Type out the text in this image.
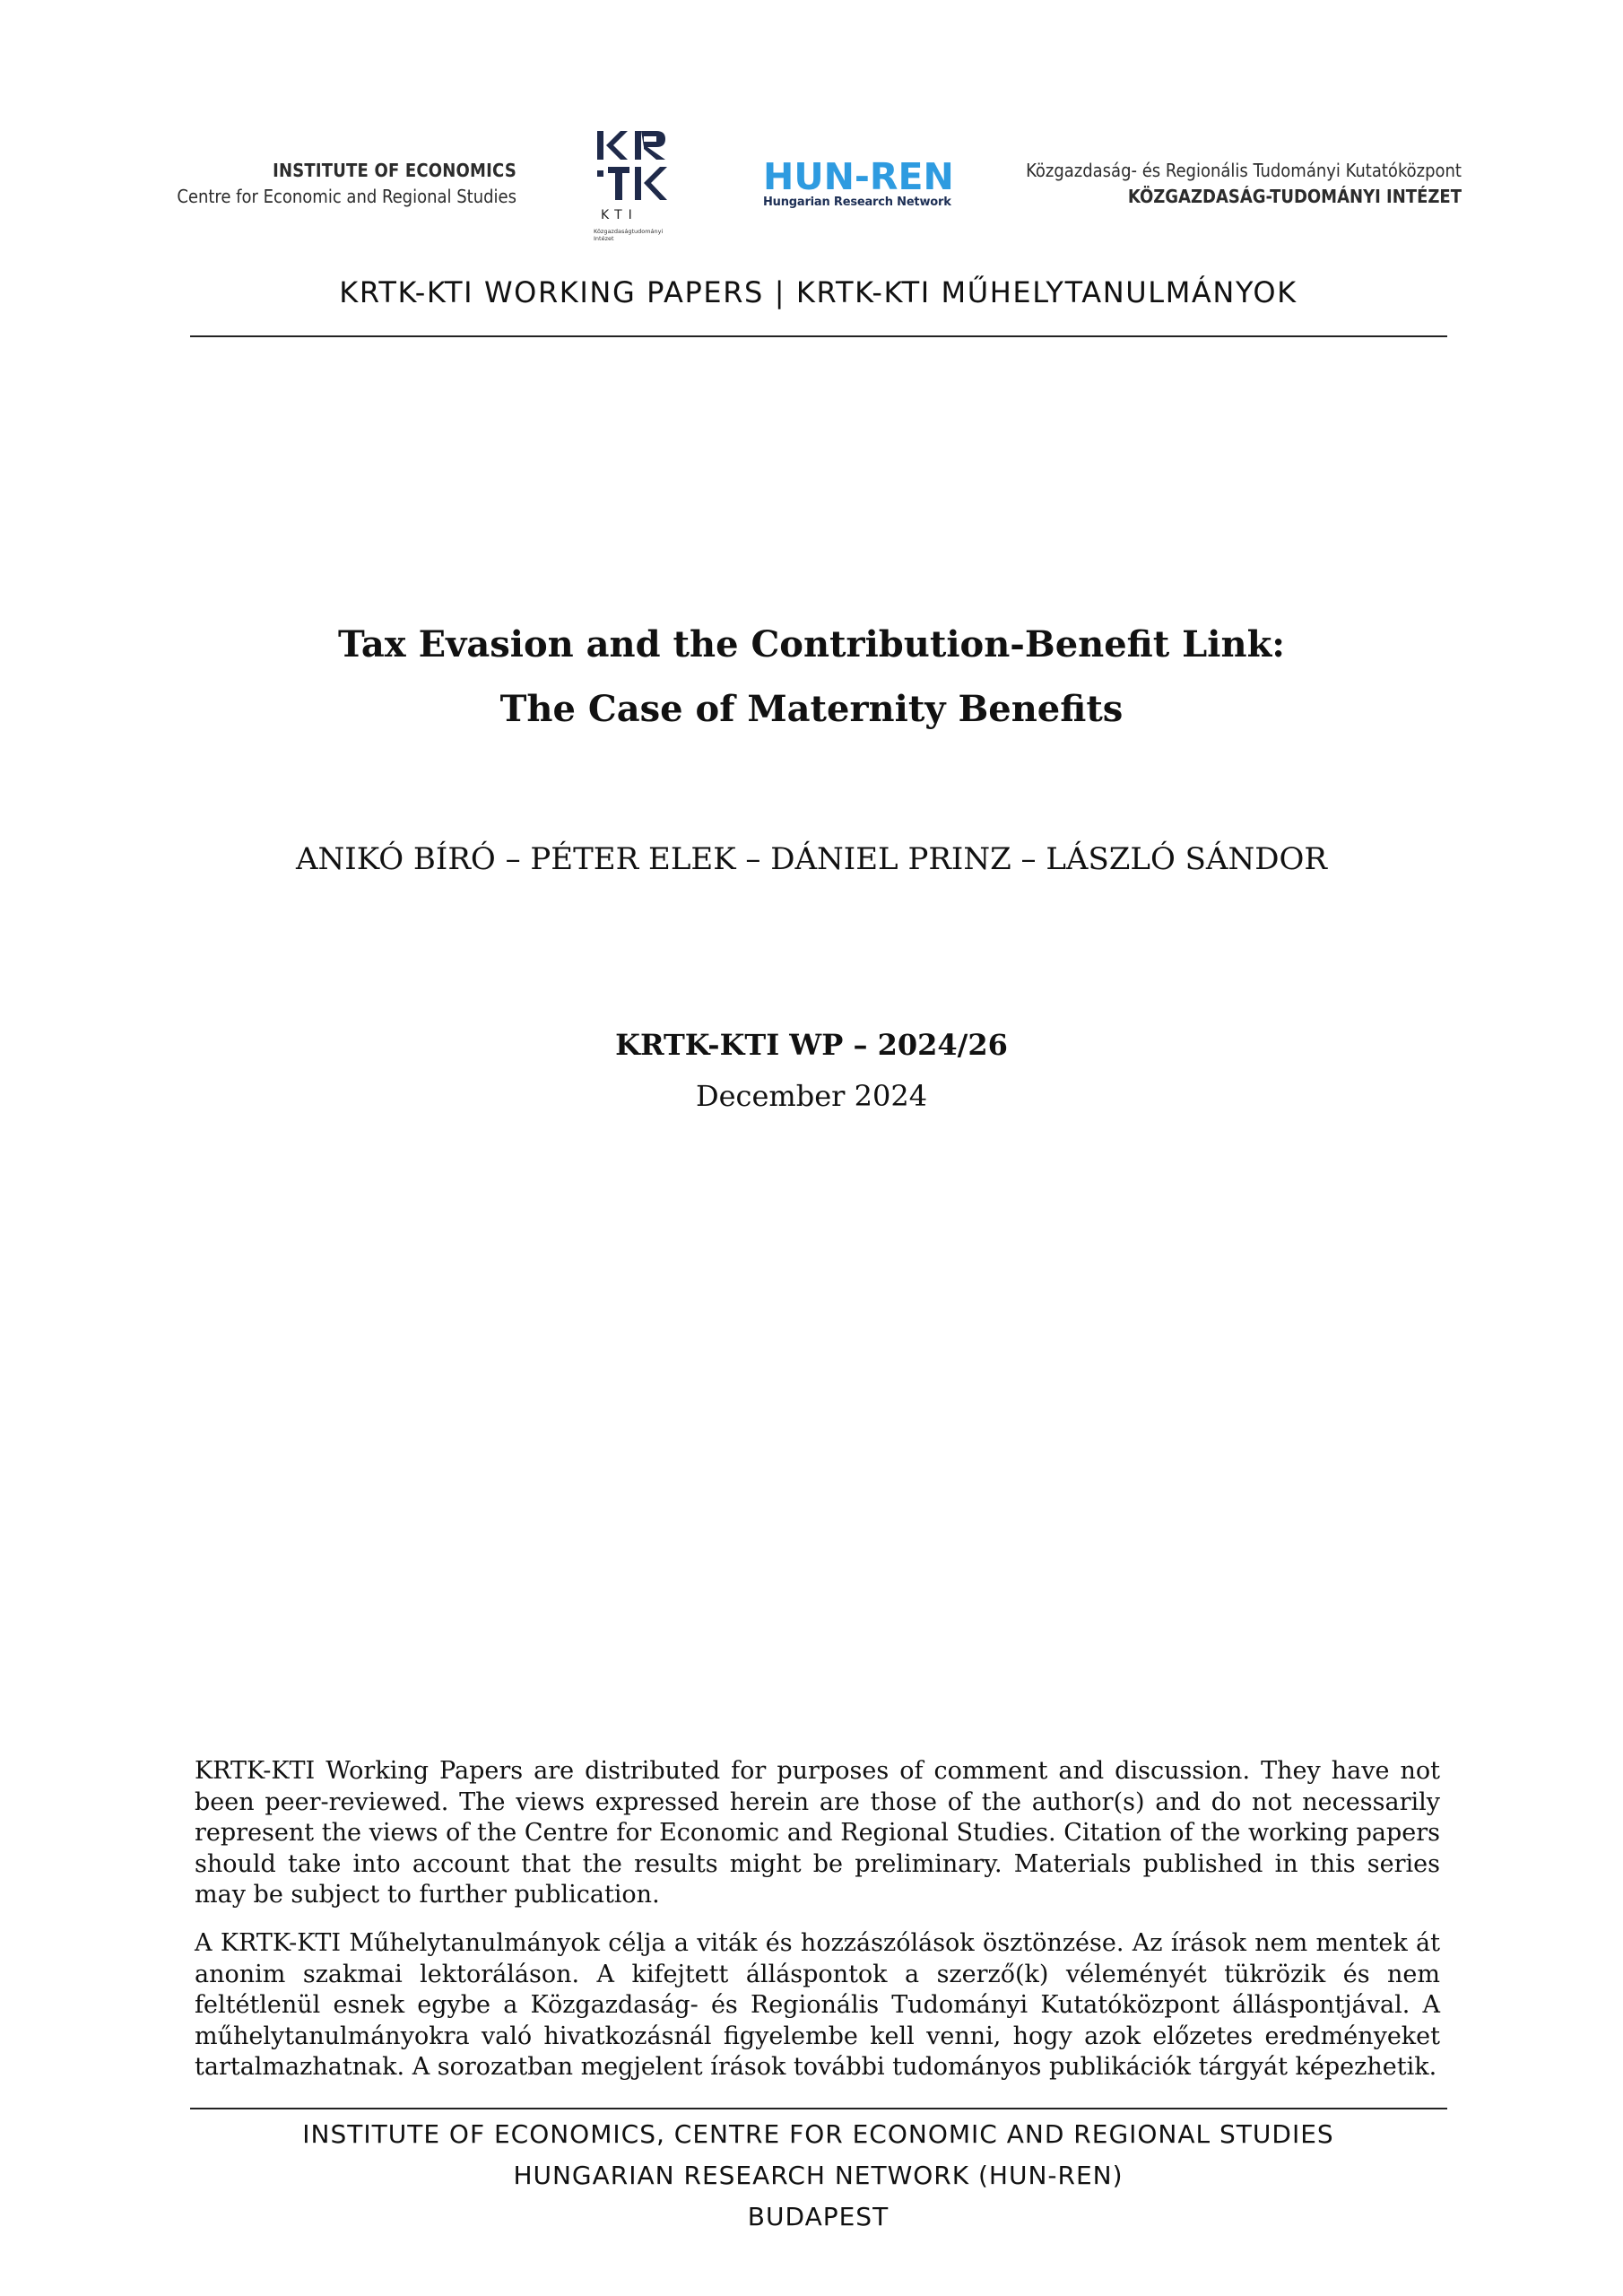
INSTITUTE OF ECONOMICS
Centre for Economic and Regional Studies
KTI
Közgazdaságtudományi Intézet
HUN-REN
Hungarian Research Network
Közgazdaság- és Regionális Tudományi Kutatóközpont
KÖZGAZDASÁG-TUDOMÁNYI INTÉZET
KRTK-KTI WORKING PAPERS | KRTK-KTI MŰHELYTANULMÁNYOK
Tax Evasion and the Contribution-Benefit Link:
The Case of Maternity Benefits
ANIKÓ BÍRÓ – PÉTER ELEK – DÁNIEL PRINZ – LÁSZLÓ SÁNDOR
KRTK-KTI WP – 2024/26
December 2024
KRTK-KTI Working Papers are distributed for purposes of comment and discussion. They have not been peer-reviewed. The views expressed herein are those of the author(s) and do not necessarily represent the views of the Centre for Economic and Regional Studies. Citation of the working papers should take into account that the results might be preliminary. Materials published in this series may be subject to further publication.
A KRTK-KTI Műhelytanulmányok célja a viták és hozzászólások ösztönzése. Az írások nem mentek át anonim szakmai lektoráláson. A kifejtett álláspontok a szerző(k) véleményét tükrözik és nem feltétlenül esnek egybe a Közgazdaság- és Regionális Tudományi Kutatóközpont álláspontjával. A műhelytanulmányokra való hivatkozásnál figyelembe kell venni, hogy azok előzetes eredményeket tartalmazhatnak. A sorozatban megjelent írások további tudományos publikációk tárgyát képezhetik.
INSTITUTE OF ECONOMICS, CENTRE FOR ECONOMIC AND REGIONAL STUDIES
HUNGARIAN RESEARCH NETWORK (HUN-REN)
BUDAPEST
